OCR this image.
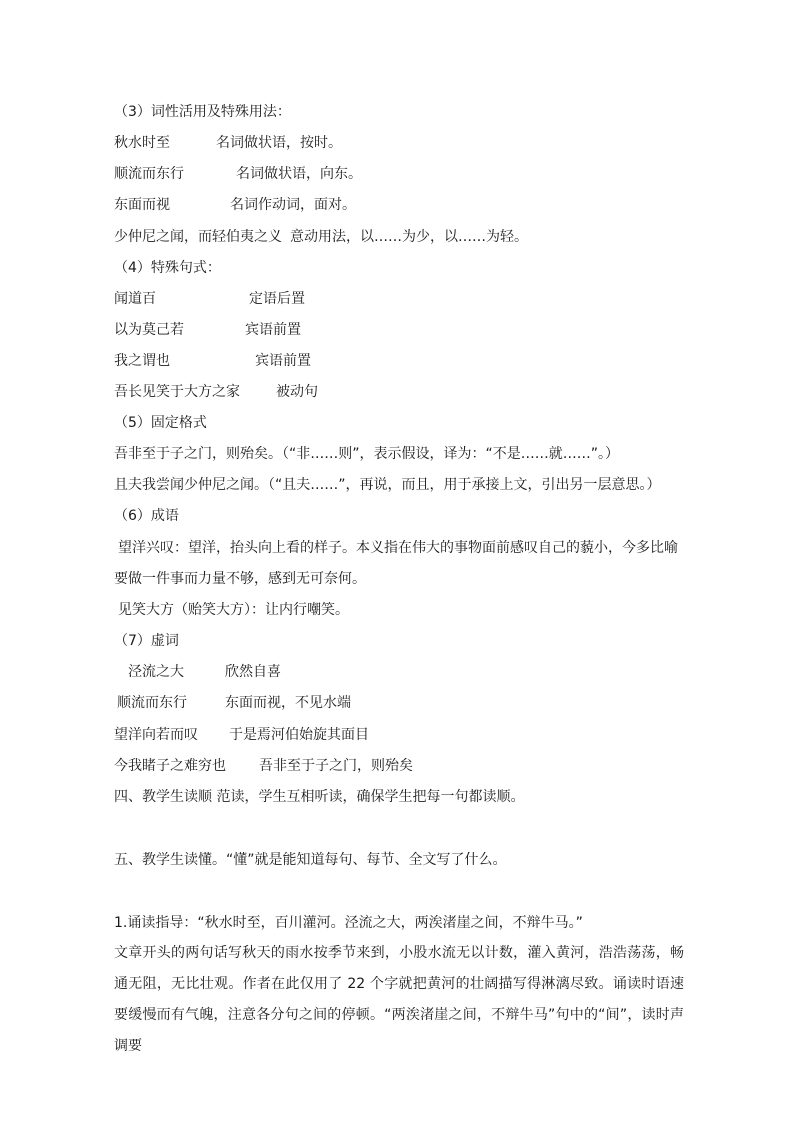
（3）词性活用及特殊用法：
秋水时至	名词做状语，按时。
顺流而东行	名词做状语，向东。
东面而视	名词作动词，面对。
少仲尼之闻，而轻伯夷之义 意动用法，以……为少，以……为轻。
（4）特殊句式：
闻道百	定语后置
以为莫己若	宾语前置
我之谓也	宾语前置
吾长见笑于大方之家	被动句
（5）固定格式
吾非至于子之门，则殆矣。（“非……则”，表示假设，译为：“不是……就……”。）
且夫我尝闻少仲尼之闻。（“且夫……”，再说，而且，用于承接上文，引出另一层意思。）
（6）成语
望洋兴叹：望洋，抬头向上看的样子。本义指在伟大的事物面前感叹自己的藐小，今多比喻
要做一件事而力量不够，感到无可奈何。
见笑大方（贻笑大方）：让内行嘲笑。
（7）虚词
泾流之大	欣然自喜
顺流而东行	东面而视，不见水端
望洋向若而叹 于是焉河伯始旋其面目
今我睹子之难穷也 吾非至于子之门，则殆矣
四、教学生读顺 范读，学生互相听读，确保学生把每一句都读顺。
五、教学生读懂。“懂”就是能知道每句、每节、全文写了什么。
1.诵读指导：“秋水时至，百川灌河。泾流之大，两涘渚崖之间，不辩牛马。”
文章开头的两句话写秋天的雨水按季节来到，小股水流无以计数，灌入黄河，浩浩荡荡，畅通无阻，无比壮观。作者在此仅用了 22 个字就把黄河的壮阔描写得淋漓尽致。诵读时语速要缓慢而有气魄，注意各分句之间的停顿。“两涘渚崖之间，不辩牛马”句中的“间”，读时声调要
